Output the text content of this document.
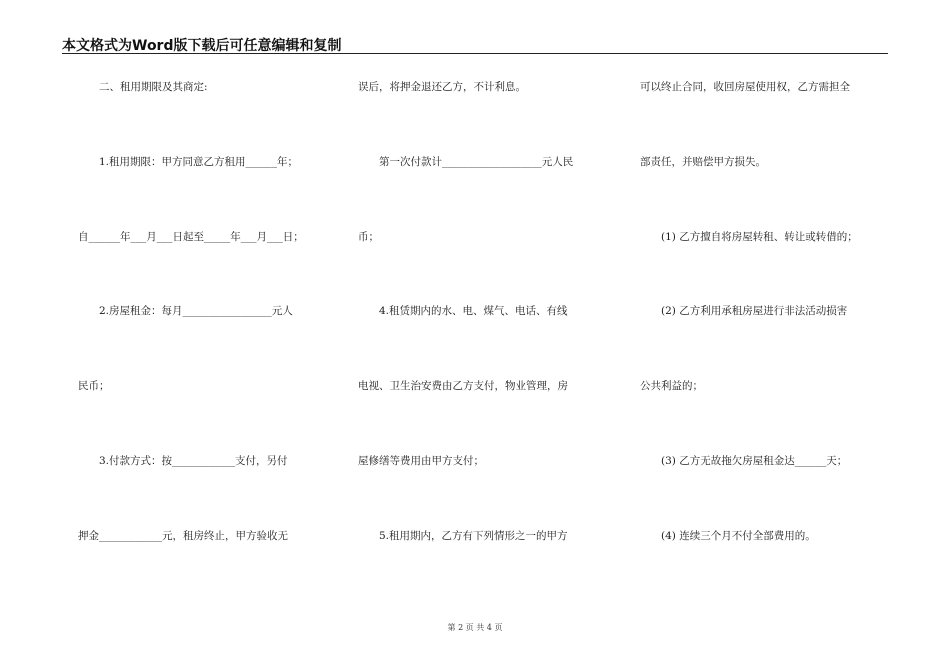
本文格式为Word版下载后可任意编辑和复制
　　二、租用期限及其商定:
　　1.租用期限：甲方同意乙方租用______年；
自______年___月___日起至_____年___月___日；
　　2.房屋租金：每月_________________元人
民币；
　　3.付款方式：按____________支付，另付
押金____________元，租房终止，甲方验收无
误后，将押金退还乙方，不计利息。
　　第一次付款计___________________元人民
币；
　　4.租赁期内的水、电、煤气、电话、有线
电视、卫生治安费由乙方支付，物业管理，房
屋修缮等费用由甲方支付；
　　5.租用期内，乙方有下列情形之一的甲方
可以终止合同，收回房屋使用权，乙方需担全
部责任，并赔偿甲方损失。
　　(1) 乙方擅自将房屋转租、转让或转借的；
　　(2) 乙方利用承租房屋进行非法活动损害
公共利益的；
　　(3) 乙方无故拖欠房屋租金达______天；
　　(4) 连续三个月不付全部费用的。
第 2 页 共 4 页
